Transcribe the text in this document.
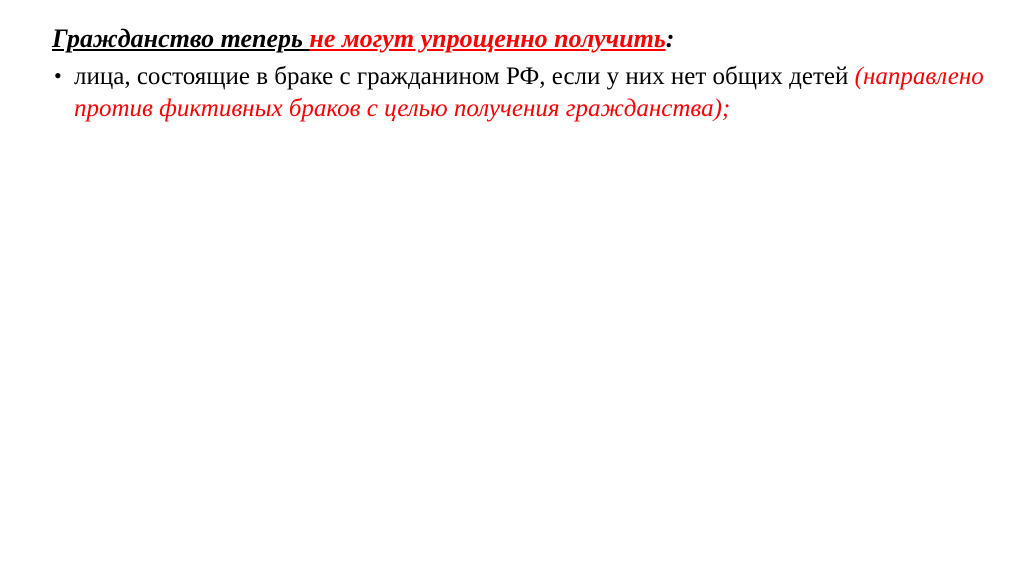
Гражданство теперь не могут упрощенно получить:

• лица, состоящие в браке с гражданином РФ, если у них нет общих детей (направлено против фиктивных браков с целью получения гражданства);
